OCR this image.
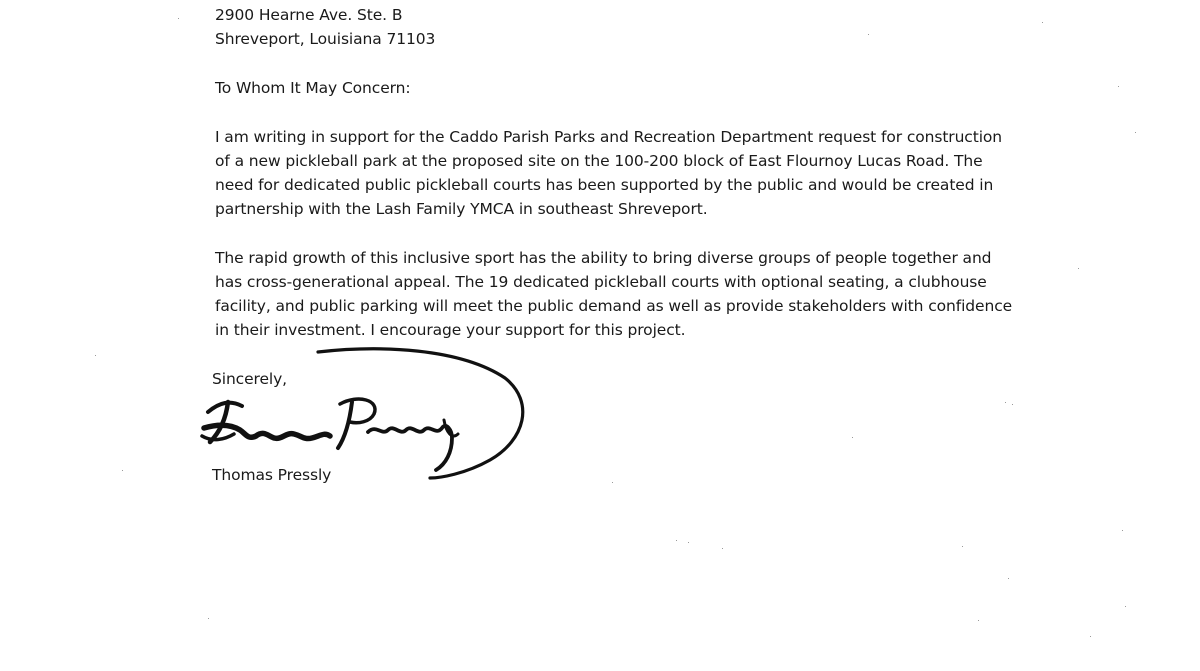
2900 Hearne Ave. Ste. B
Shreveport, Louisiana 71103
To Whom It May Concern:
I am writing in support for the Caddo Parish Parks and Recreation Department request for construction
of a new pickleball park at the proposed site on the 100-200 block of East Flournoy Lucas Road. The
need for dedicated public pickleball courts has been supported by the public and would be created in
partnership with the Lash Family YMCA in southeast Shreveport.
The rapid growth of this inclusive sport has the ability to bring diverse groups of people together and
has cross-generational appeal. The 19 dedicated pickleball courts with optional seating, a clubhouse
facility, and public parking will meet the public demand as well as provide stakeholders with confidence
in their investment. I encourage your support for this project.
Sincerely,
Thomas Pressly
